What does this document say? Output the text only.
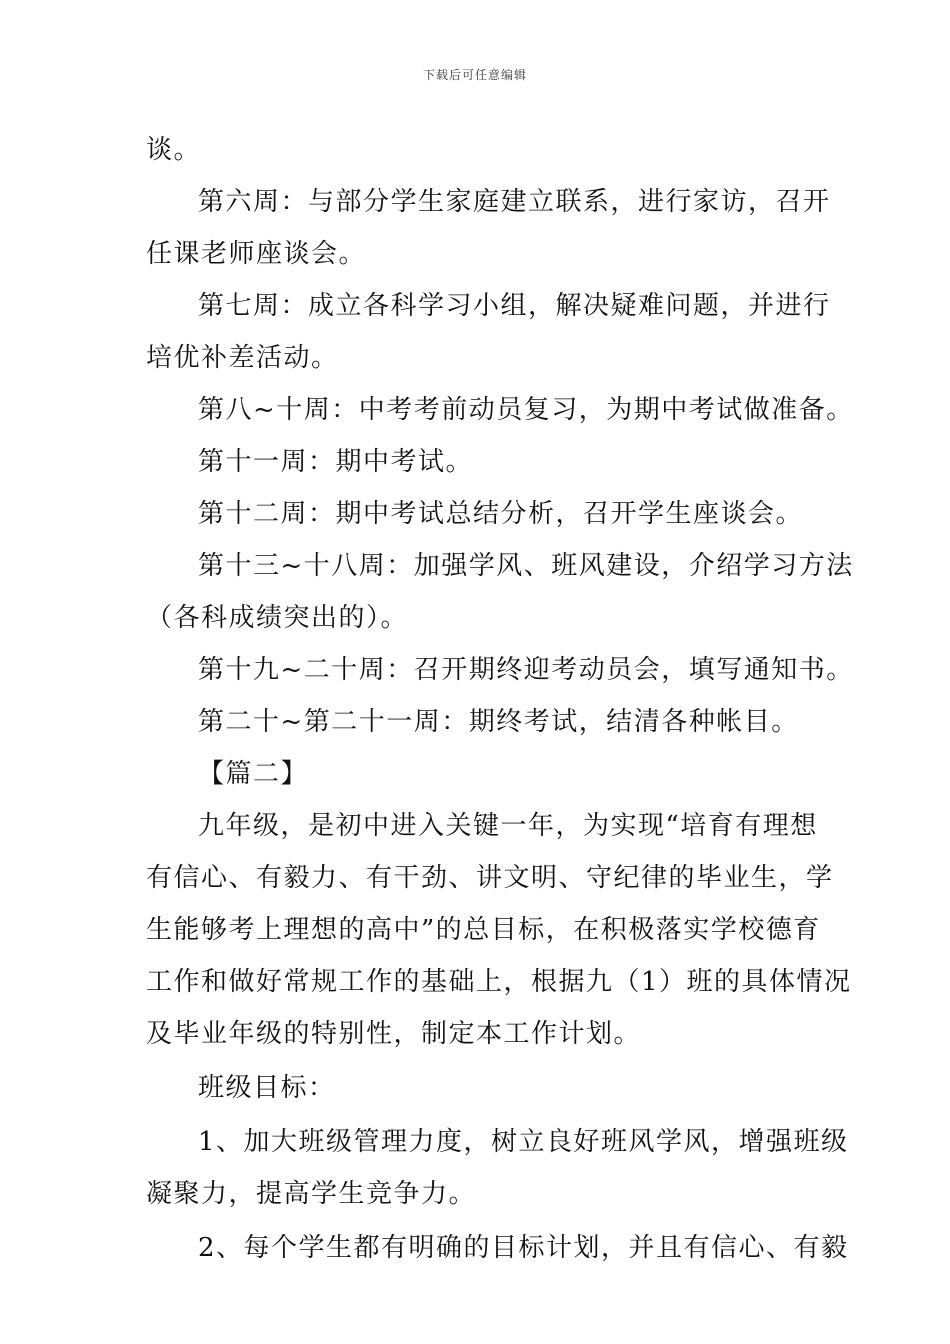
下载后可任意编辑
谈。
第六周：与部分学生家庭建立联系，进行家访，召开
任课老师座谈会。
第七周：成立各科学习小组，解决疑难问题，并进行
培优补差活动。
第八~十周：中考考前动员复习，为期中考试做准备。
第十一周：期中考试。
第十二周：期中考试总结分析，召开学生座谈会。
第十三~十八周：加强学风、班风建设，介绍学习方法
（各科成绩突出的）。
第十九~二十周：召开期终迎考动员会，填写通知书。
第二十~第二十一周：期终考试，结清各种帐目。
【篇二】
九年级，是初中进入关键一年，为实现“培育有理想
有信心、有毅力、有干劲、讲文明、守纪律的毕业生，学
生能够考上理想的高中”的总目标，在积极落实学校德育
工作和做好常规工作的基础上，根据九（1）班的具体情况
及毕业年级的特别性，制定本工作计划。
班级目标：
1、加大班级管理力度，树立良好班风学风，增强班级
凝聚力，提高学生竞争力。
2、每个学生都有明确的目标计划，并且有信心、有毅
